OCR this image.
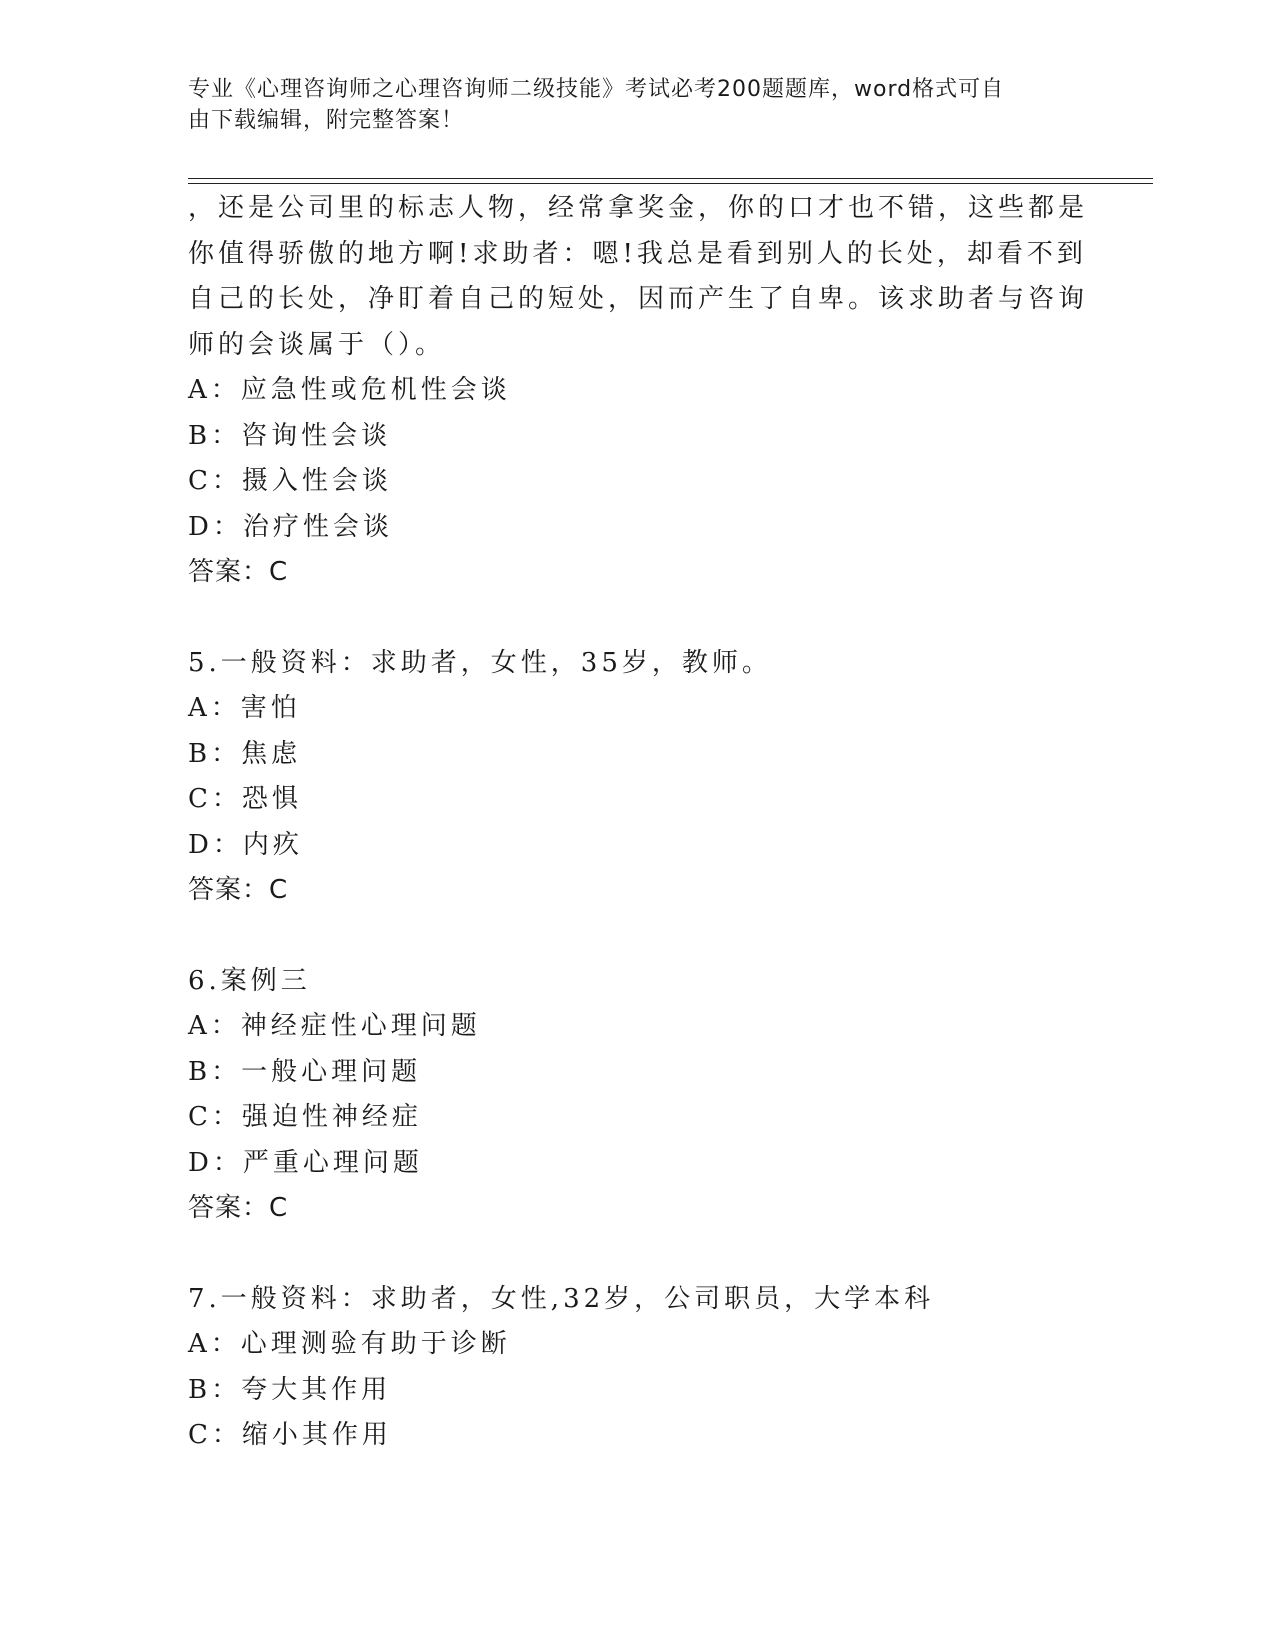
专业《心理咨询师之心理咨询师二级技能》考试必考200题题库，word格式可自
由下载编辑，附完整答案！
，还是公司里的标志人物，经常拿奖金，你的口才也不错，这些都是
你值得骄傲的地方啊!求助者：嗯!我总是看到别人的长处，却看不到
自己的长处，净盯着自己的短处，因而产生了自卑。该求助者与咨询
师的会谈属于（）。
A：应急性或危机性会谈
B：咨询性会谈
C：摄入性会谈
D：治疗性会谈
答案：C
5.一般资料：求助者，女性，35岁，教师。
A：害怕
B：焦虑
C：恐惧
D：内疚
答案：C
6.案例三
A：神经症性心理问题
B：一般心理问题
C：强迫性神经症
D：严重心理问题
答案：C
7.一般资料：求助者，女性,32岁，公司职员，大学本科
A：心理测验有助于诊断
B：夸大其作用
C：缩小其作用
